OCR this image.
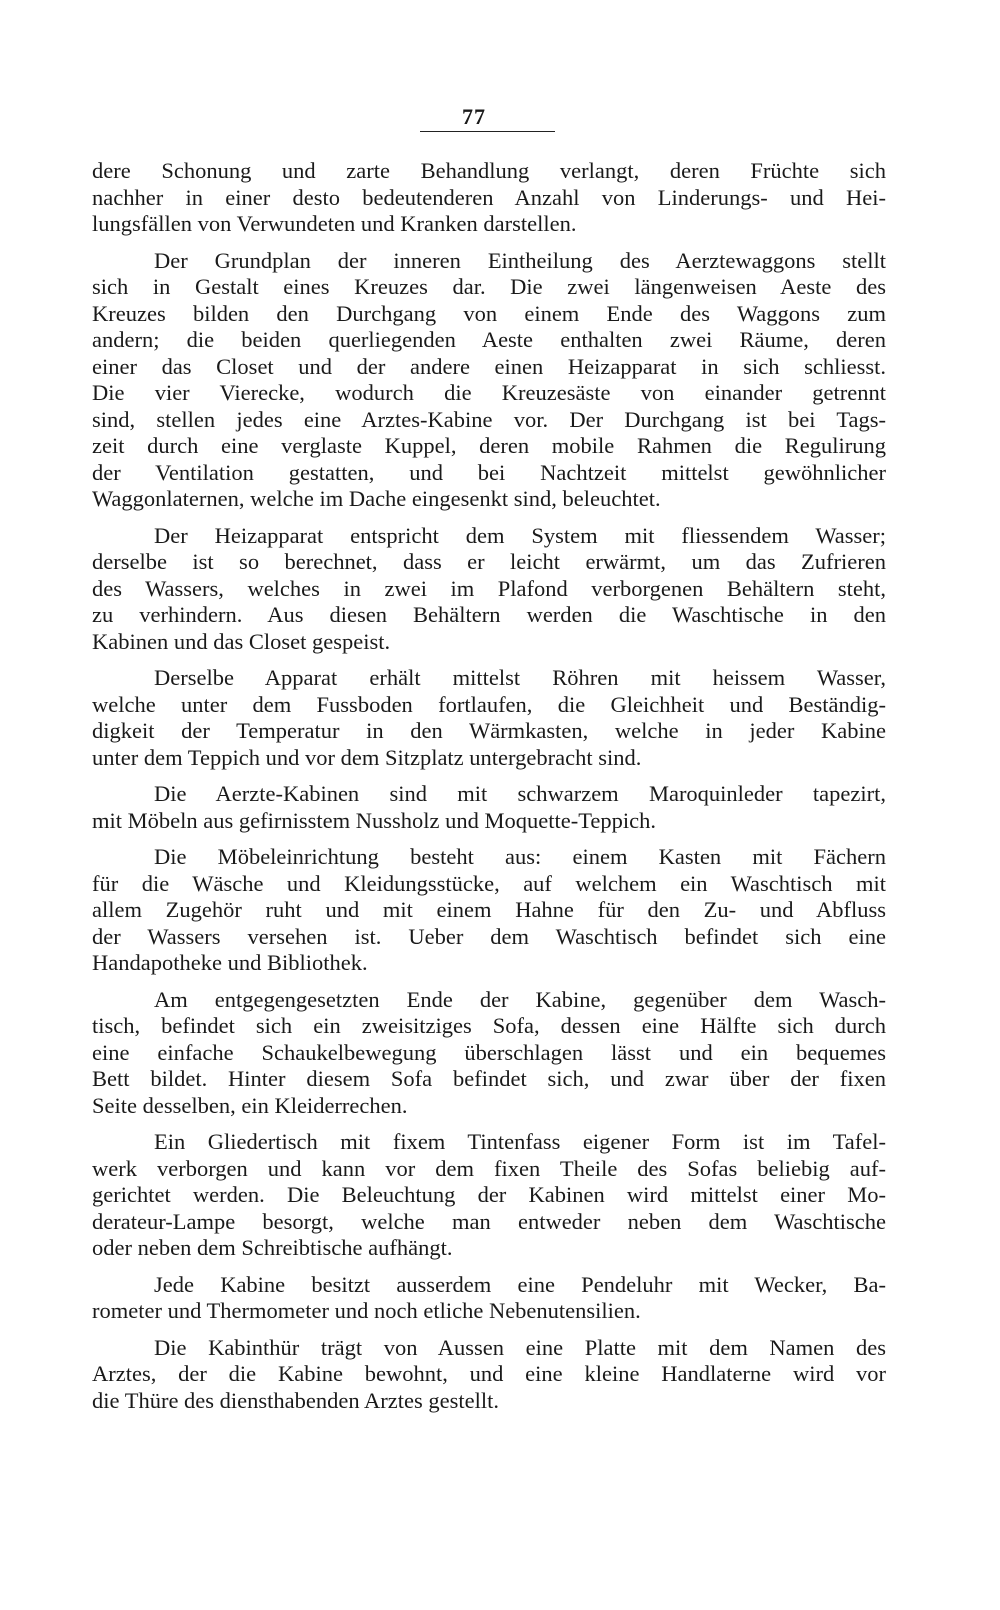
77
dere Schonung und zarte Behandlung verlangt, deren Früchte sich
nachher in einer desto bedeutenderen Anzahl von Linderungs- und Hei-
lungsfällen von Verwundeten und Kranken darstellen.
Der Grundplan der inneren Eintheilung des Aerztewaggons stellt
sich in Gestalt eines Kreuzes dar. Die zwei längenweisen Aeste des
Kreuzes bilden den Durchgang von einem Ende des Waggons zum
andern; die beiden querliegenden Aeste enthalten zwei Räume, deren
einer das Closet und der andere einen Heizapparat in sich schliesst.
Die vier Vierecke, wodurch die Kreuzesäste von einander getrennt
sind, stellen jedes eine Arztes-Kabine vor. Der Durchgang ist bei Tags-
zeit durch eine verglaste Kuppel, deren mobile Rahmen die Regulirung
der Ventilation gestatten, und bei Nachtzeit mittelst gewöhnlicher
Waggonlaternen, welche im Dache eingesenkt sind, beleuchtet.
Der Heizapparat entspricht dem System mit fliessendem Wasser;
derselbe ist so berechnet, dass er leicht erwärmt, um das Zufrieren
des Wassers, welches in zwei im Plafond verborgenen Behältern steht,
zu verhindern. Aus diesen Behältern werden die Waschtische in den
Kabinen und das Closet gespeist.
Derselbe Apparat erhält mittelst Röhren mit heissem Wasser,
welche unter dem Fussboden fortlaufen, die Gleichheit und Beständig-
digkeit der Temperatur in den Wärmkasten, welche in jeder Kabine
unter dem Teppich und vor dem Sitzplatz untergebracht sind.
Die Aerzte-Kabinen sind mit schwarzem Maroquinleder tapezirt,
mit Möbeln aus gefirnisstem Nussholz und Moquette-Teppich.
Die Möbeleinrichtung besteht aus: einem Kasten mit Fächern
für die Wäsche und Kleidungsstücke, auf welchem ein Waschtisch mit
allem Zugehör ruht und mit einem Hahne für den Zu- und Abfluss
der Wassers versehen ist. Ueber dem Waschtisch befindet sich eine
Handapotheke und Bibliothek.
Am entgegengesetzten Ende der Kabine, gegenüber dem Wasch-
tisch, befindet sich ein zweisitziges Sofa, dessen eine Hälfte sich durch
eine einfache Schaukelbewegung überschlagen lässt und ein bequemes
Bett bildet. Hinter diesem Sofa befindet sich, und zwar über der fixen
Seite desselben, ein Kleiderrechen.
Ein Gliedertisch mit fixem Tintenfass eigener Form ist im Tafel-
werk verborgen und kann vor dem fixen Theile des Sofas beliebig auf-
gerichtet werden. Die Beleuchtung der Kabinen wird mittelst einer Mo-
derateur-Lampe besorgt, welche man entweder neben dem Waschtische
oder neben dem Schreibtische aufhängt.
Jede Kabine besitzt ausserdem eine Pendeluhr mit Wecker, Ba-
rometer und Thermometer und noch etliche Nebenutensilien.
Die Kabinthür trägt von Aussen eine Platte mit dem Namen des
Arztes, der die Kabine bewohnt, und eine kleine Handlaterne wird vor
die Thüre des diensthabenden Arztes gestellt.
